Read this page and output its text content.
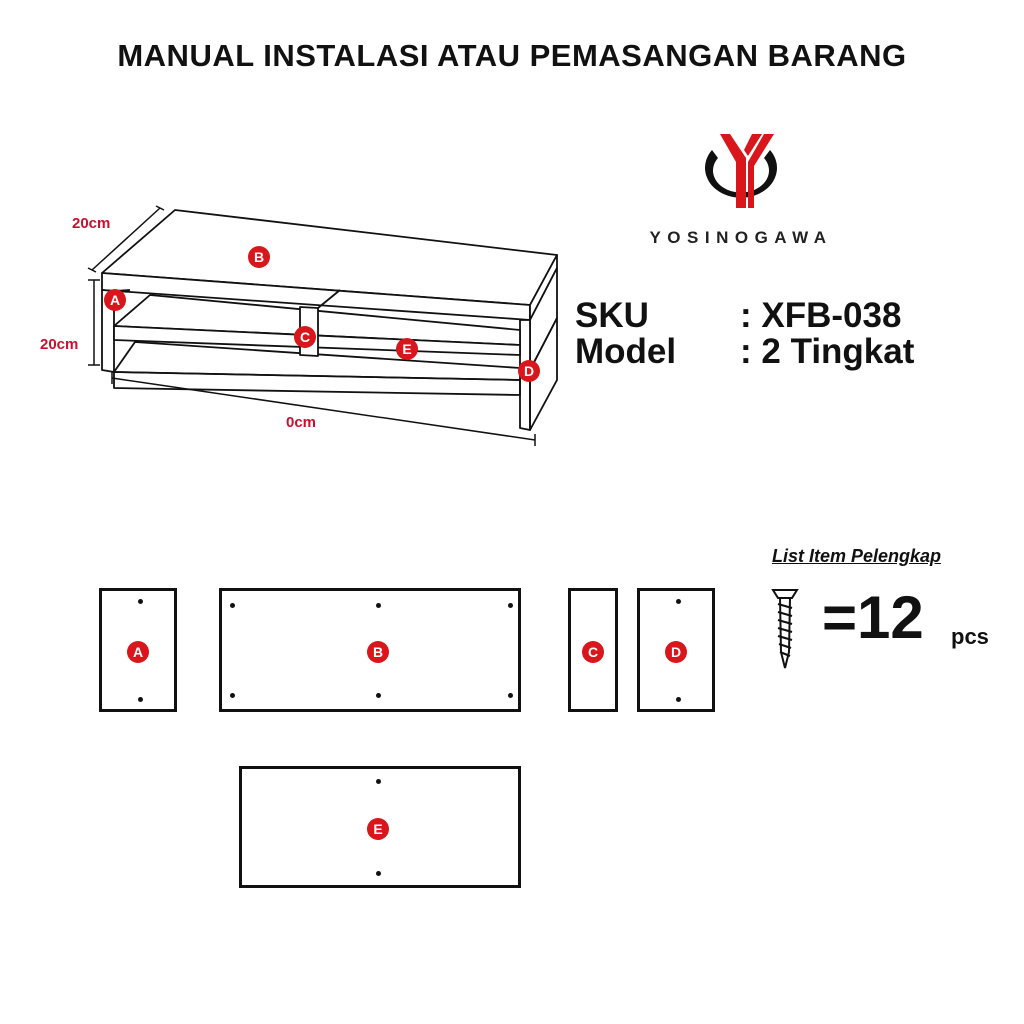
MANUAL INSTALASI ATAU PEMASANGAN BARANG
20cm
20cm
0cm
B
A
C
E
D
YOSINOGAWA
SKU	: XFB-038
Model : 2 Tingkat
A	B	C	D
E
List Item Pelengkap
=12 pcs
